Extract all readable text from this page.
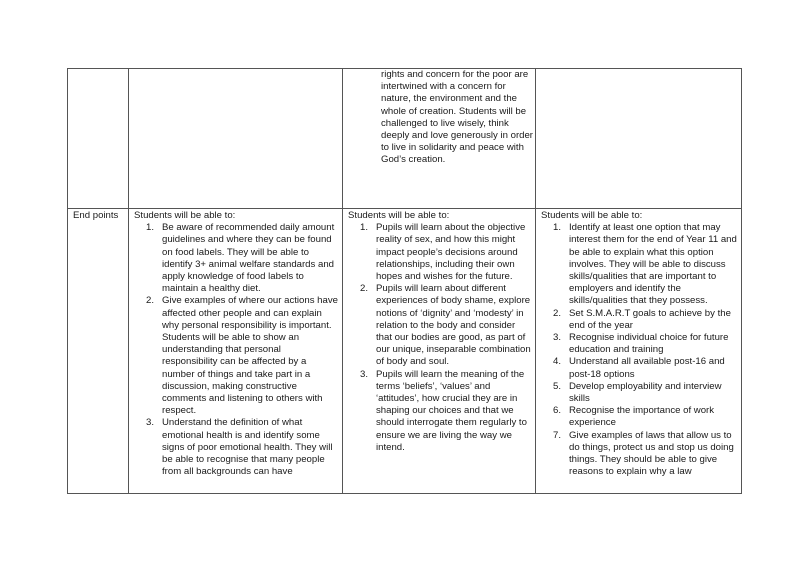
rights and concern for the poor are intertwined with a concern for nature, the environment and the whole of creation. Students will be challenged to live wisely, think deeply and love generously in order to live in solidarity and peace with God’s creation.

End points	Students will be able to:

1. Be aware of recommended daily amount guidelines and where they can be found on food labels. They will be able to identify 3+ animal welfare standards and apply knowledge of food labels to maintain a healthy diet.
2. Give examples of where our actions have affected other people and can explain why personal responsibility is important. Students will be able to show an understanding that personal responsibility can be affected by a number of things and take part in a discussion, making constructive comments and listening to others with respect.
3. Understand the definition of what emotional health is and identify some signs of poor emotional health. They will be able to recognise that many people from all backgrounds can have

Students will be able to:

1. Pupils will learn about the objective reality of sex, and how this might impact people’s decisions around relationships, including their own hopes and wishes for the future.
2. Pupils will learn about different experiences of body shame, explore notions of ‘dignity’ and ‘modesty’ in relation to the body and consider that our bodies are good, as part of our unique, inseparable combination of body and soul.
3. Pupils will learn the meaning of the terms ‘beliefs’, ‘values’ and ‘attitudes’, how crucial they are in shaping our choices and that we should interrogate them regularly to ensure we are living the way we intend.

Students will be able to:

1. Identify at least one option that may interest them for the end of Year 11 and be able to explain what this option involves. They will be able to discuss skills/qualities that are important to employers and identify the skills/qualities that they possess.
2. Set S.M.A.R.T goals to achieve by the end of the year
3. Recognise individual choice for future education and training
4. Understand all available post-16 and post-18 options
5. Develop employability and interview skills
6. Recognise the importance of work experience
7. Give examples of laws that allow us to do things, protect us and stop us doing things. They should be able to give reasons to explain why a law
